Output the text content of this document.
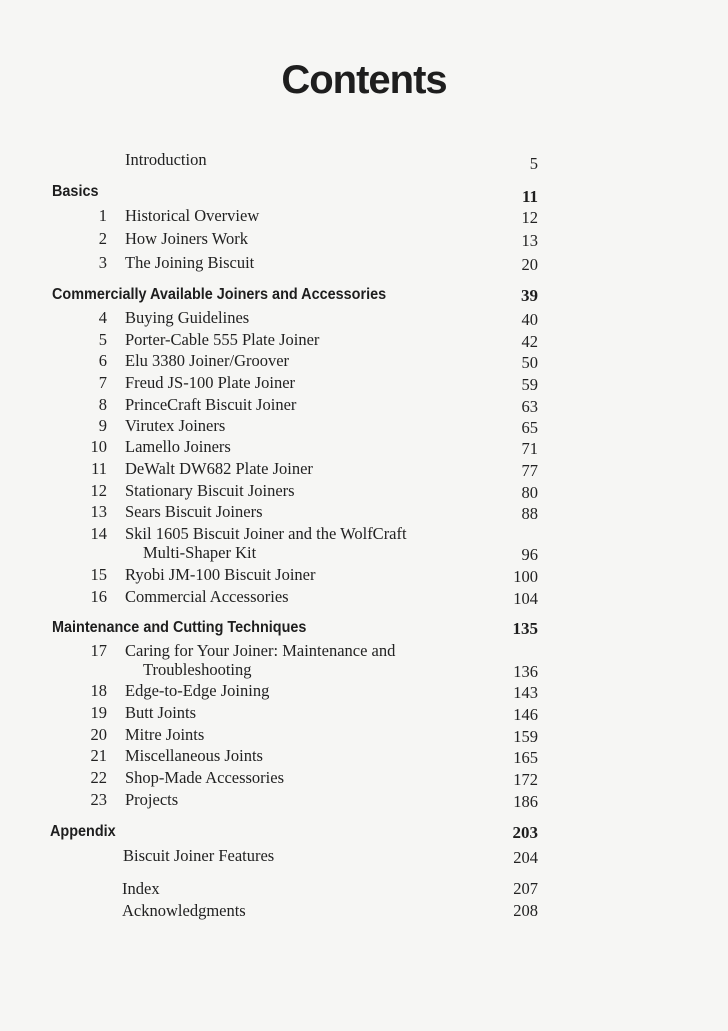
Contents
Introduction	5
Basics	11
1 Historical Overview	12
2 How Joiners Work	13
3 The Joining Biscuit	20
Commercially Available Joiners and Accessories	39
4 Buying Guidelines	40
5 Porter-Cable 555 Plate Joiner	42
6 Elu 3380 Joiner/Groover	50
7 Freud JS-100 Plate Joiner	59
8 PrinceCraft Biscuit Joiner	63
9 Virutex Joiners	65
10 Lamello Joiners	71
11 DeWalt DW682 Plate Joiner	77
12 Stationary Biscuit Joiners	80
13 Sears Biscuit Joiners	88
14 Skil 1605 Biscuit Joiner and the WolfCraft
Multi-Shaper Kit	96
15 Ryobi JM-100 Biscuit Joiner	100
16 Commercial Accessories	104
Maintenance and Cutting Techniques	135
17 Caring for Your Joiner: Maintenance and
Troubleshooting	136
18 Edge-to-Edge Joining	143
19 Butt Joints	146
20 Mitre Joints	159
21 Miscellaneous Joints	165
22 Shop-Made Accessories	172
23 Projects	186
Appendix	203
Biscuit Joiner Features	204
Index	207
Acknowledgments	208
